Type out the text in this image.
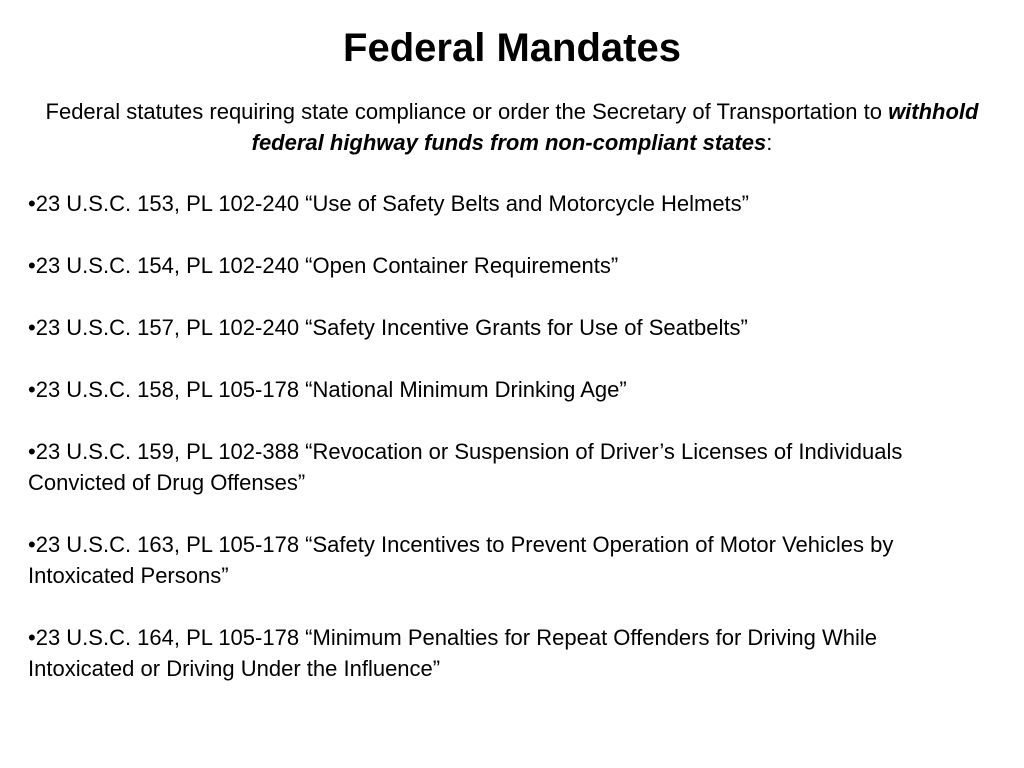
Federal Mandates

Federal statutes requiring state compliance or order the Secretary of Transportation to withhold federal highway funds from non-compliant states:

•23 U.S.C. 153, PL 102-240 “Use of Safety Belts and Motorcycle Helmets”
•23 U.S.C. 154, PL 102-240 “Open Container Requirements”
•23 U.S.C. 157, PL 102-240 “Safety Incentive Grants for Use of Seatbelts”
•23 U.S.C. 158, PL 105-178 “National Minimum Drinking Age”
•23 U.S.C. 159, PL 102-388 “Revocation or Suspension of Driver’s Licenses of Individuals Convicted of Drug Offenses”
•23 U.S.C. 163, PL 105-178 “Safety Incentives to Prevent Operation of Motor Vehicles by Intoxicated Persons”
•23 U.S.C. 164, PL 105-178 “Minimum Penalties for Repeat Offenders for Driving While Intoxicated or Driving Under the Influence”
